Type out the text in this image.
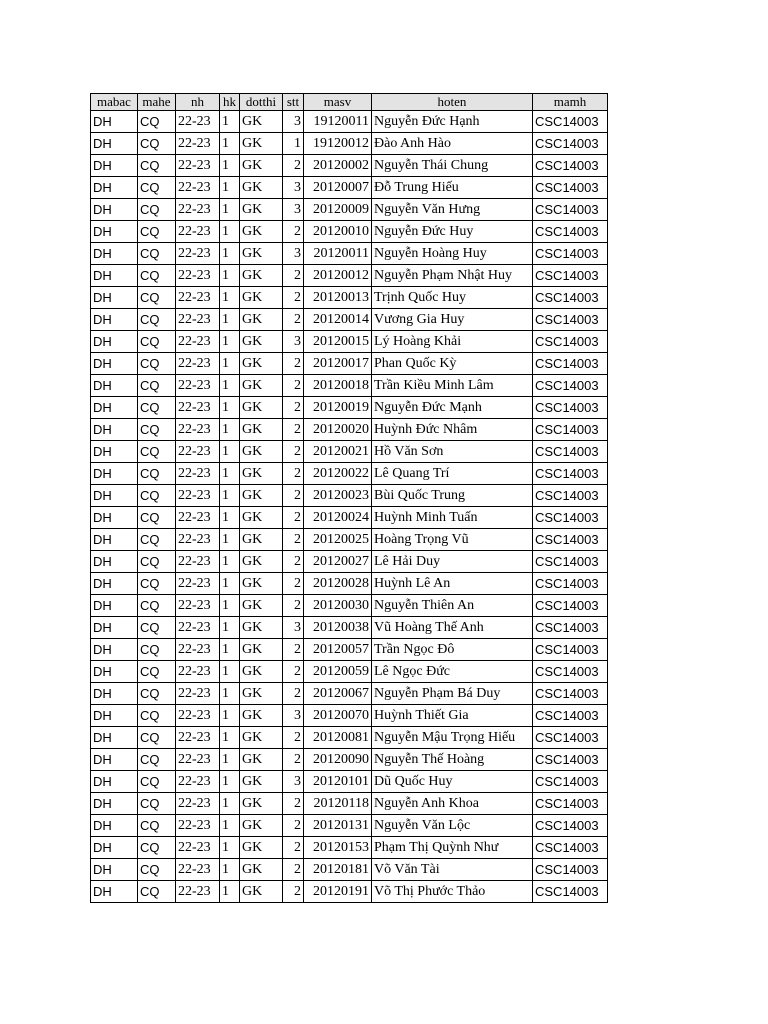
mabac	mahe	nh	hk	dotthi	stt	masv	hoten	mamh
DH	CQ	22-23	1	GK	3	19120011	Nguyễn Đức Hạnh	CSC14003
DH	CQ	22-23	1	GK	1	19120012	Đào Anh Hào	CSC14003
DH	CQ	22-23	1	GK	2	20120002	Nguyễn Thái Chung	CSC14003
DH	CQ	22-23	1	GK	3	20120007	Đỗ Trung Hiếu	CSC14003
DH	CQ	22-23	1	GK	3	20120009	Nguyễn Văn Hưng	CSC14003
DH	CQ	22-23	1	GK	2	20120010	Nguyễn Đức Huy	CSC14003
DH	CQ	22-23	1	GK	3	20120011	Nguyễn Hoàng Huy	CSC14003
DH	CQ	22-23	1	GK	2	20120012	Nguyễn Phạm Nhật Huy	CSC14003
DH	CQ	22-23	1	GK	2	20120013	Trịnh Quốc Huy	CSC14003
DH	CQ	22-23	1	GK	2	20120014	Vương Gia Huy	CSC14003
DH	CQ	22-23	1	GK	3	20120015	Lý Hoàng Khải	CSC14003
DH	CQ	22-23	1	GK	2	20120017	Phan Quốc Kỳ	CSC14003
DH	CQ	22-23	1	GK	2	20120018	Trần Kiều Minh Lâm	CSC14003
DH	CQ	22-23	1	GK	2	20120019	Nguyễn Đức Mạnh	CSC14003
DH	CQ	22-23	1	GK	2	20120020	Huỳnh Đức Nhâm	CSC14003
DH	CQ	22-23	1	GK	2	20120021	Hồ Văn Sơn	CSC14003
DH	CQ	22-23	1	GK	2	20120022	Lê Quang Trí	CSC14003
DH	CQ	22-23	1	GK	2	20120023	Bùi Quốc Trung	CSC14003
DH	CQ	22-23	1	GK	2	20120024	Huỳnh Minh Tuấn	CSC14003
DH	CQ	22-23	1	GK	2	20120025	Hoàng Trọng Vũ	CSC14003
DH	CQ	22-23	1	GK	2	20120027	Lê Hải Duy	CSC14003
DH	CQ	22-23	1	GK	2	20120028	Huỳnh Lê An	CSC14003
DH	CQ	22-23	1	GK	2	20120030	Nguyễn Thiên An	CSC14003
DH	CQ	22-23	1	GK	3	20120038	Vũ Hoàng Thế Anh	CSC14003
DH	CQ	22-23	1	GK	2	20120057	Trần Ngọc Đô	CSC14003
DH	CQ	22-23	1	GK	2	20120059	Lê Ngọc Đức	CSC14003
DH	CQ	22-23	1	GK	2	20120067	Nguyễn Phạm Bá Duy	CSC14003
DH	CQ	22-23	1	GK	3	20120070	Huỳnh Thiết Gia	CSC14003
DH	CQ	22-23	1	GK	2	20120081	Nguyễn Mậu Trọng Hiếu	CSC14003
DH	CQ	22-23	1	GK	2	20120090	Nguyễn Thế Hoàng	CSC14003
DH	CQ	22-23	1	GK	3	20120101	Dũ Quốc Huy	CSC14003
DH	CQ	22-23	1	GK	2	20120118	Nguyễn Anh Khoa	CSC14003
DH	CQ	22-23	1	GK	2	20120131	Nguyễn Văn Lộc	CSC14003
DH	CQ	22-23	1	GK	2	20120153	Phạm Thị Quỳnh Như	CSC14003
DH	CQ	22-23	1	GK	2	20120181	Võ Văn Tài	CSC14003
DH	CQ	22-23	1	GK	2	20120191	Võ Thị Phước Thảo	CSC14003
